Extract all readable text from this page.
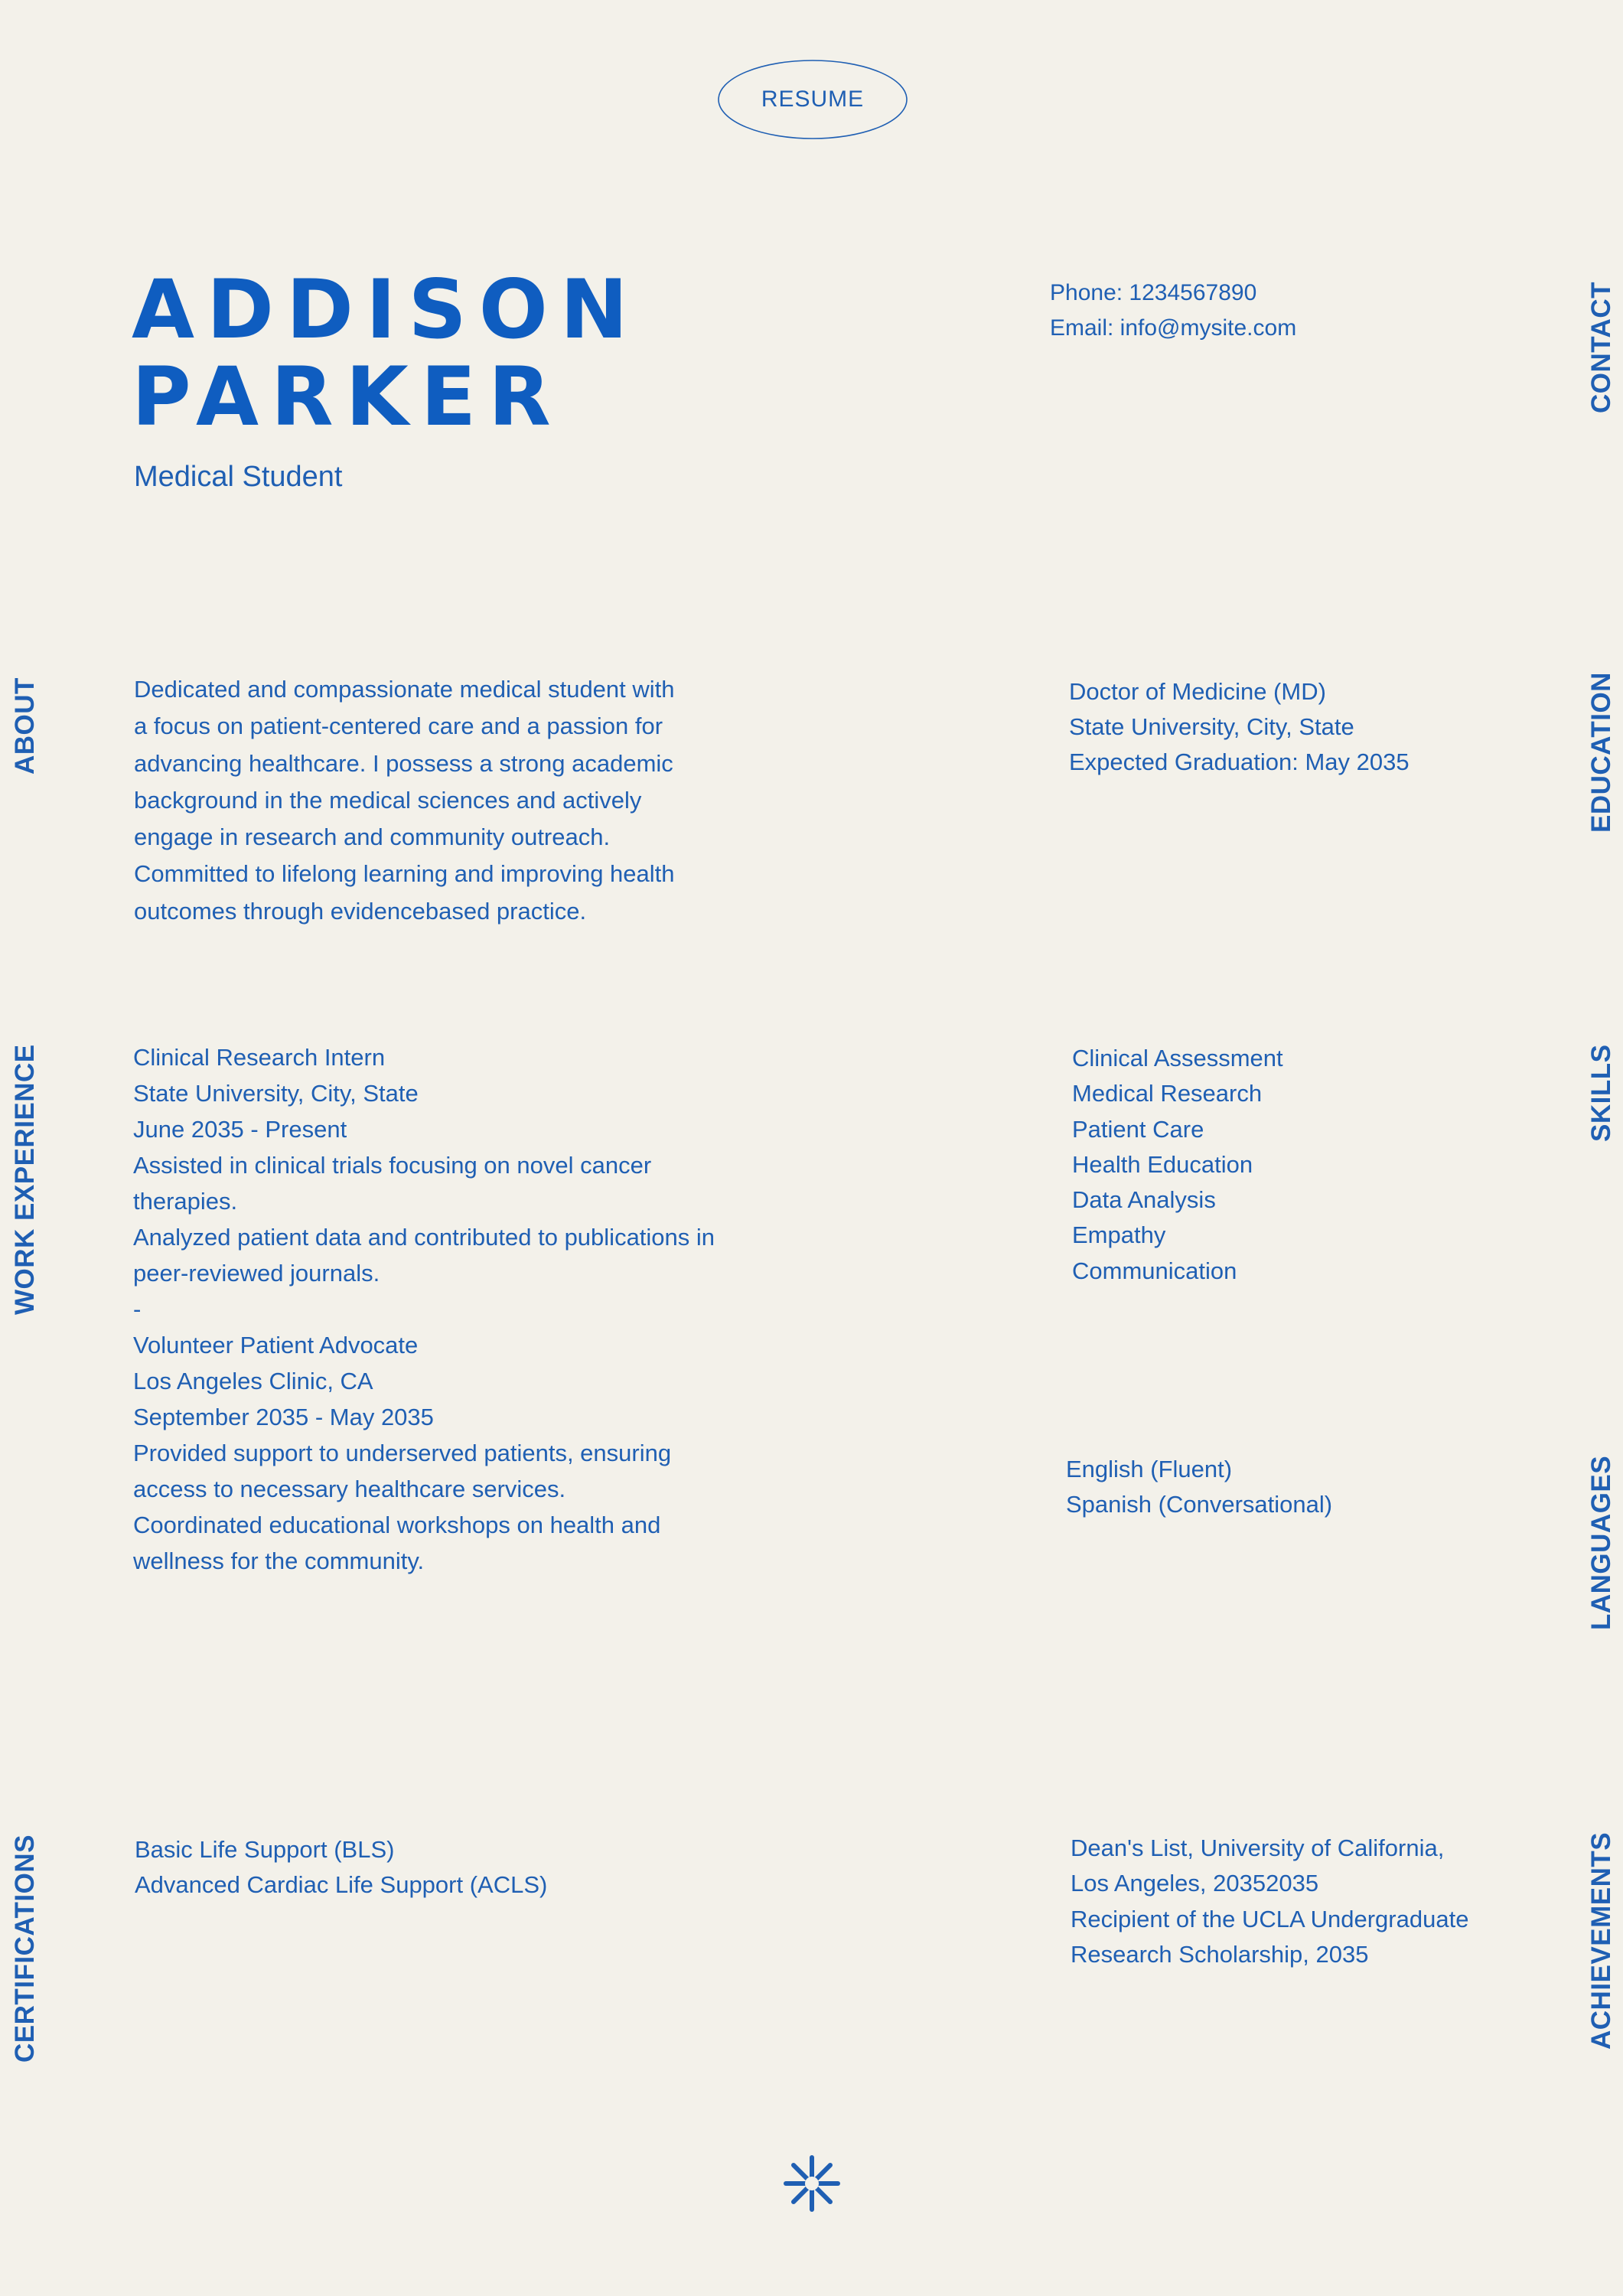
RESUME
ADDISON
PARKER
Medical Student
Phone: 1234567890
Email: info@mysite.com	CONTACT
ABOUT	Dedicated and compassionate medical student with
a focus on patient-centered care and a passion for
advancing healthcare. I possess a strong academic
background in the medical sciences and actively
engage in research and community outreach.
Committed to lifelong learning and improving health
outcomes through evidencebased practice.
Doctor of Medicine (MD)
State University, City, State
Expected Graduation: May 2035	EDUCATION
WORK EXPERIENCE	Clinical Research Intern
State University, City, State
June 2035 - Present
Assisted in clinical trials focusing on novel cancer
therapies.
Analyzed patient data and contributed to publications in
peer-reviewed journals.
-
Volunteer Patient Advocate
Los Angeles Clinic, CA
September 2035 - May 2035
Provided support to underserved patients, ensuring
access to necessary healthcare services.
Coordinated educational workshops on health and
wellness for the community.
Clinical Assessment
Medical Research
Patient Care
Health Education
Data Analysis
Empathy
Communication
SKILLS
English (Fluent)
Spanish (Conversational)	LANGUAGES
CERTIFICATIONS	Basic Life Support (BLS)
Advanced Cardiac Life Support (ACLS)
Dean's List, University of California,
Los Angeles, 20352035
Recipient of the UCLA Undergraduate
Research Scholarship, 2035	ACHIEVEMENTS
